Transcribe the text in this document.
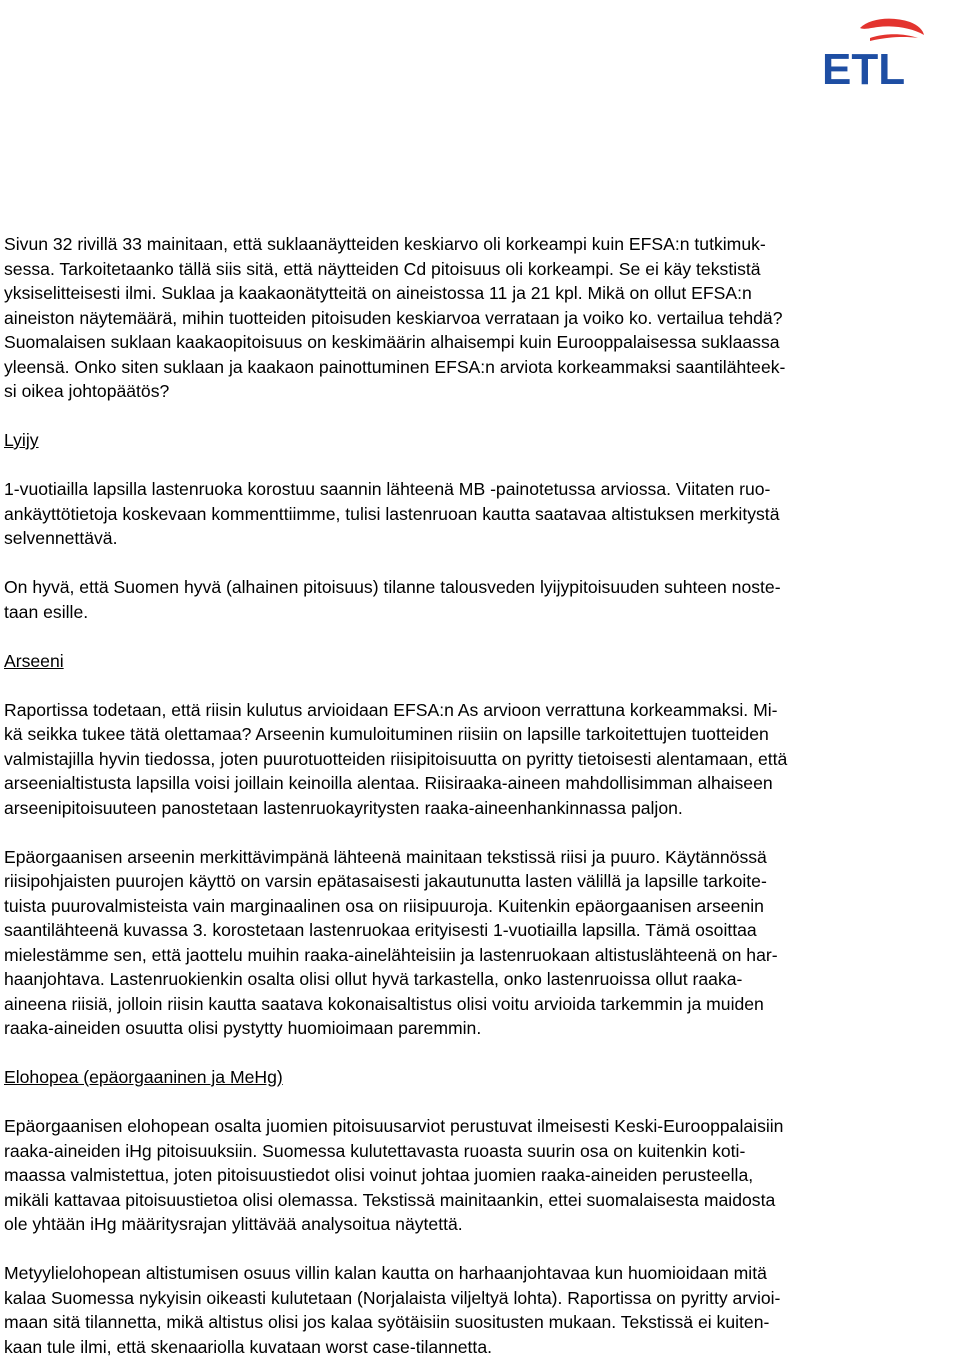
ETL

Sivun 32 rivillä 33 mainitaan, että suklaanäytteiden keskiarvo oli korkeampi kuin EFSA:n tutkimuk-
sessa. Tarkoitetaanko tällä siis sitä, että näytteiden Cd pitoisuus oli korkeampi. Se ei käy tekstistä
yksiselitteisesti ilmi. Suklaa ja kaakaonätytteitä on aineistossa 11 ja 21 kpl. Mikä on ollut EFSA:n
aineiston näytemäärä, mihin tuotteiden pitoisuden keskiarvoa verrataan ja voiko ko. vertailua tehdä?
Suomalaisen suklaan kaakaopitoisuus on keskimäärin alhaisempi kuin Eurooppalaisessa suklaassa
yleensä. Onko siten suklaan ja kaakaon painottuminen EFSA:n arviota korkeammaksi saantilähteek-
si oikea johtopäätös?

Lyijy

1-vuotiailla lapsilla lastenruoka korostuu saannin lähteenä MB -painotetussa arviossa. Viitaten ruo-
ankäyttötietoja koskevaan kommenttiimme, tulisi lastenruoan kautta saatavaa altistuksen merkitystä
selvennettävä.

On hyvä, että Suomen hyvä (alhainen pitoisuus) tilanne talousveden lyijypitoisuuden suhteen noste-
taan esille.

Arseeni

Raportissa todetaan, että riisin kulutus arvioidaan EFSA:n As arvioon verrattuna korkeammaksi. Mi-
kä seikka tukee tätä olettamaa? Arseenin kumuloituminen riisiin on lapsille tarkoitettujen tuotteiden
valmistajilla hyvin tiedossa, joten puurotuotteiden riisipitoisuutta on pyritty tietoisesti alentamaan, että
arseenialtistusta lapsilla voisi joillain keinoilla alentaa. Riisiraaka-aineen mahdollisimman alhaiseen
arseenipitoisuuteen panostetaan lastenruokayritysten raaka-aineenhankinnassa paljon.

Epäorgaanisen arseenin merkittävimpänä lähteenä mainitaan tekstissä riisi ja puuro. Käytännössä
riisipohjaisten puurojen käyttö on varsin epätasaisesti jakautunutta lasten välillä ja lapsille tarkoite-
tuista puurovalmisteista vain marginaalinen osa on riisipuuroja. Kuitenkin epäorgaanisen arseenin
saantilähteenä kuvassa 3. korostetaan lastenruokaa erityisesti 1-vuotiailla lapsilla. Tämä osoittaa
mielestämme sen, että jaottelu muihin raaka-ainelähteisiin ja lastenruokaan altistuslähteenä on har-
haanjohtava. Lastenruokienkin osalta olisi ollut hyvä tarkastella, onko lastenruoissa ollut raaka-
aineena riisiä, jolloin riisin kautta saatava kokonaisaltistus olisi voitu arvioida tarkemmin ja muiden
raaka-aineiden osuutta olisi pystytty huomioimaan paremmin.

Elohopea (epäorgaaninen ja MeHg)

Epäorgaanisen elohopean osalta juomien pitoisuusarviot perustuvat ilmeisesti Keski-Eurooppalaisiin
raaka-aineiden iHg pitoisuuksiin. Suomessa kulutettavasta ruoasta suurin osa on kuitenkin koti-
maassa valmistettua, joten pitoisuustiedot olisi voinut johtaa juomien raaka-aineiden perusteella,
mikäli kattavaa pitoisuustietoa olisi olemassa. Tekstissä mainitaankin, ettei suomalaisesta maidosta
ole yhtään iHg määritysrajan ylittävää analysoitua näytettä.

Metyylielohopean altistumisen osuus villin kalan kautta on harhaanjohtavaa kun huomioidaan mitä
kalaa Suomessa nykyisin oikeasti kulutetaan (Norjalaista viljeltyä lohta). Raportissa on pyritty arvioi-
maan sitä tilannetta, mikä altistus olisi jos kalaa syötäisiin suositusten mukaan. Tekstissä ei kuiten-
kaan tule ilmi, että skenaariolla kuvataan worst case-tilannetta.
